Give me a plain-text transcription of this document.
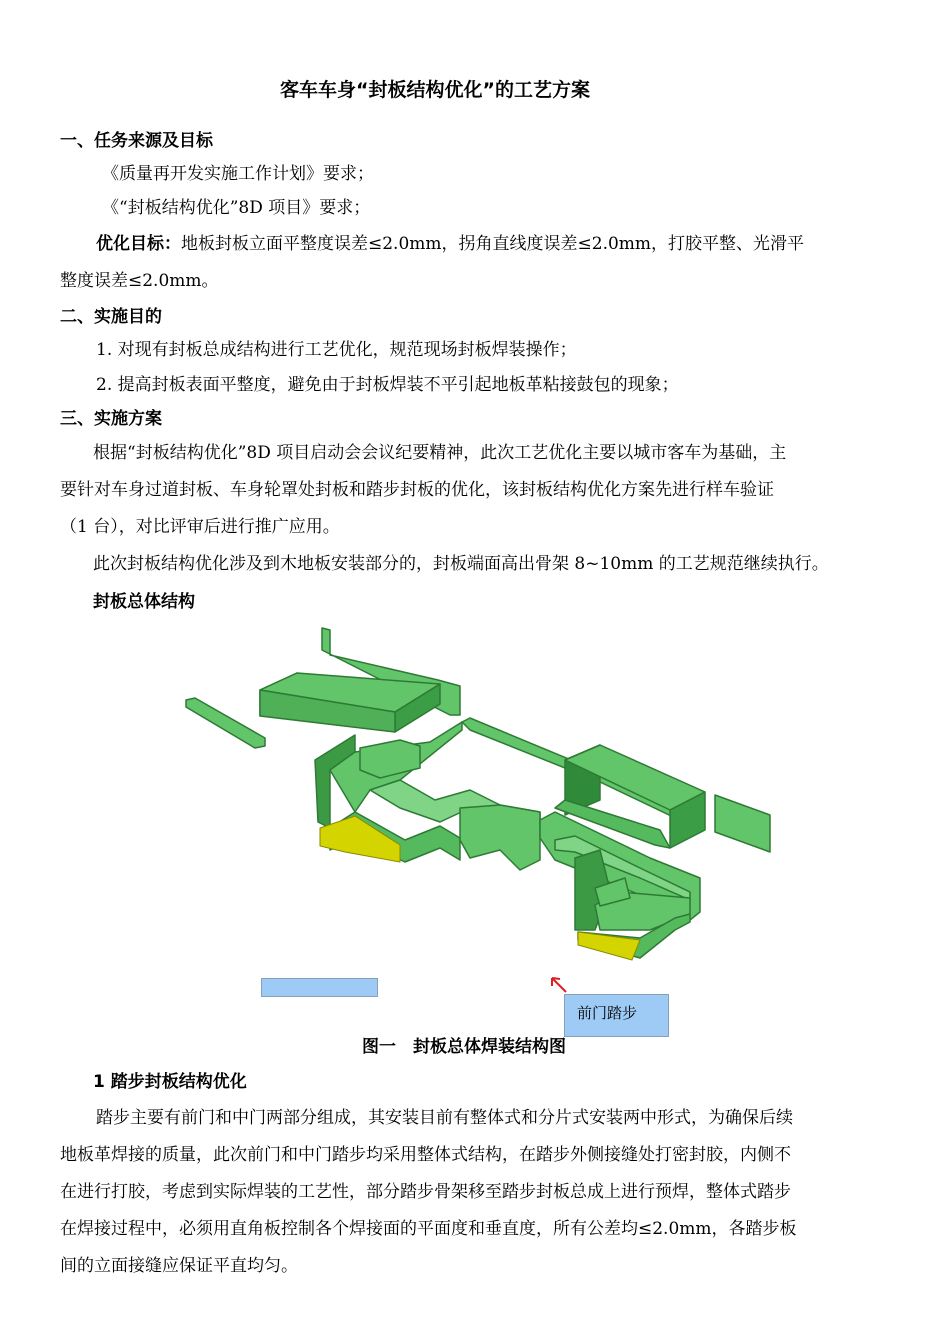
客车车身“封板结构优化”的工艺方案
一、任务来源及目标
《质量再开发实施工作计划》要求；
《“封板结构优化”8D 项目》要求；
优化目标：地板封板立面平整度误差≤2.0mm，拐角直线度误差≤2.0mm，打胶平整、光滑平
整度误差≤2.0mm。
二、实施目的
1. 对现有封板总成结构进行工艺优化，规范现场封板焊装操作；
2. 提高封板表面平整度，避免由于封板焊装不平引起地板革粘接鼓包的现象；
三、实施方案
根据“封板结构优化”8D 项目启动会会议纪要精神，此次工艺优化主要以城市客车为基础，主
要针对车身过道封板、车身轮罩处封板和踏步封板的优化，该封板结构优化方案先进行样车验证
（1 台），对比评审后进行推广应用。
此次封板结构优化涉及到木地板安装部分的，封板端面高出骨架 8~10mm 的工艺规范继续执行。
封板总体结构
前门踏步
图一　封板总体焊装结构图
1 踏步封板结构优化
踏步主要有前门和中门两部分组成，其安装目前有整体式和分片式安装两中形式，为确保后续
地板革焊接的质量，此次前门和中门踏步均采用整体式结构，在踏步外侧接缝处打密封胶，内侧不
在进行打胶，考虑到实际焊装的工艺性，部分踏步骨架移至踏步封板总成上进行预焊，整体式踏步
在焊接过程中，必须用直角板控制各个焊接面的平面度和垂直度，所有公差均≤2.0mm，各踏步板
间的立面接缝应保证平直均匀。
